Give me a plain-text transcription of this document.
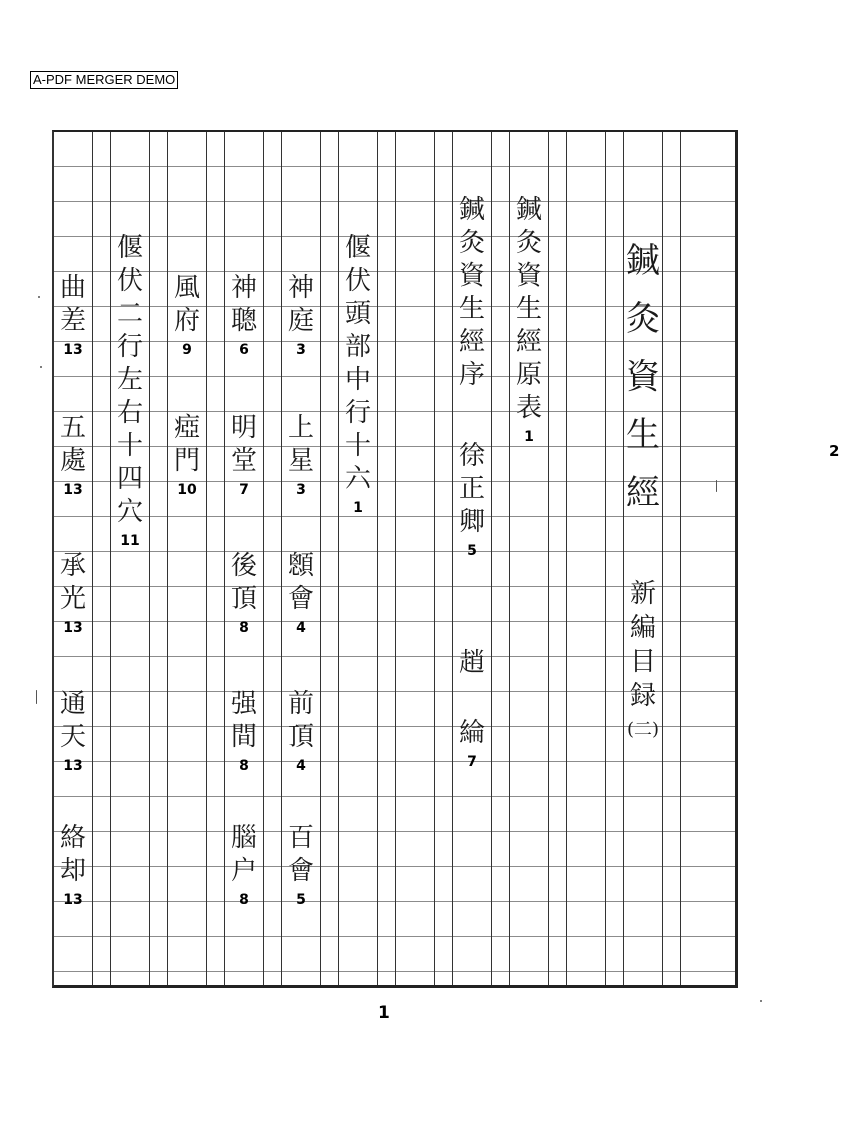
A-PDF MERGER DEMO
鍼
灸
資
生
經
新
編
目
録
(二)
鍼
灸
資
生
經
原
表
1
鍼
灸
資
生
經
序
徐
正
卿
5
趙
綸
7
偃
伏
頭
部
中
行
十
六
1
神
庭
3
上
星
3
顖
會
4
前
頂
4
百
會
5
神
聰
6
明
堂
7
後
頂
8
强
間
8
腦
户
8
風
府
9
瘂
門
10
偃
伏
二
行
左
右
十
四
穴
11
曲
差
13
五
處
13
承
光
13
通
天
13
絡
却
13
2
1
